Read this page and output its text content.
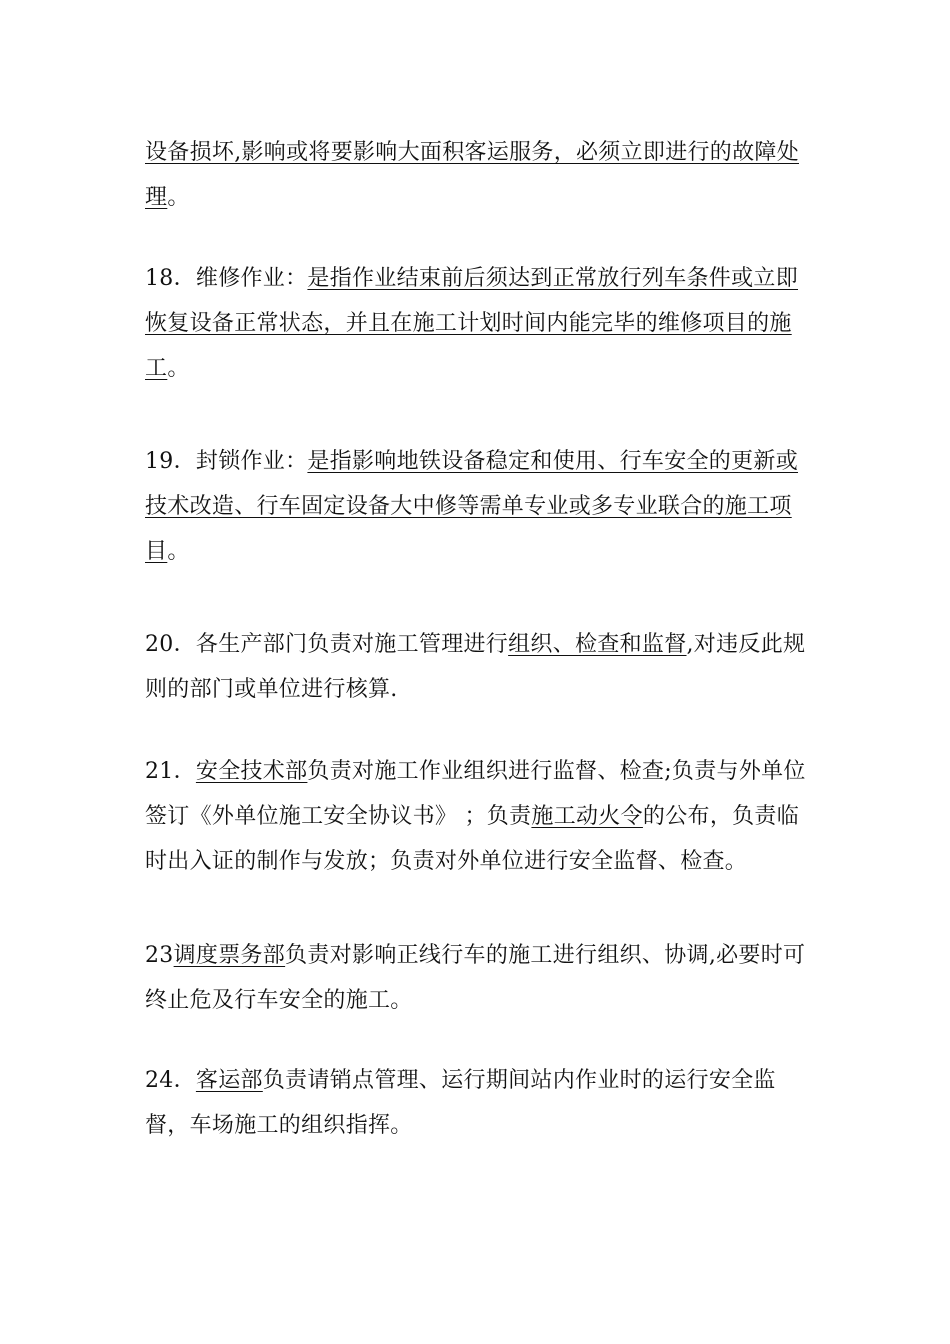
设备损坏,影响或将要影响大面积客运服务，必须立即进行的故障处理。

18．维修作业：是指作业结束前后须达到正常放行列车条件或立即恢复设备正常状态，并且在施工计划时间内能完毕的维修项目的施工。

19．封锁作业：是指影响地铁设备稳定和使用、行车安全的更新或技术改造、行车固定设备大中修等需单专业或多专业联合的施工项目。

20．各生产部门负责对施工管理进行组织、检查和监督,对违反此规则的部门或单位进行核算.

21．安全技术部负责对施工作业组织进行监督、检查;负责与外单位签订《外单位施工安全协议书》 ；负责施工动火令的公布，负责临时出入证的制作与发放；负责对外单位进行安全监督、检查。

23调度票务部负责对影响正线行车的施工进行组织、协调,必要时可终止危及行车安全的施工。

24．客运部负责请销点管理、运行期间站内作业时的运行安全监督，车场施工的组织指挥。
